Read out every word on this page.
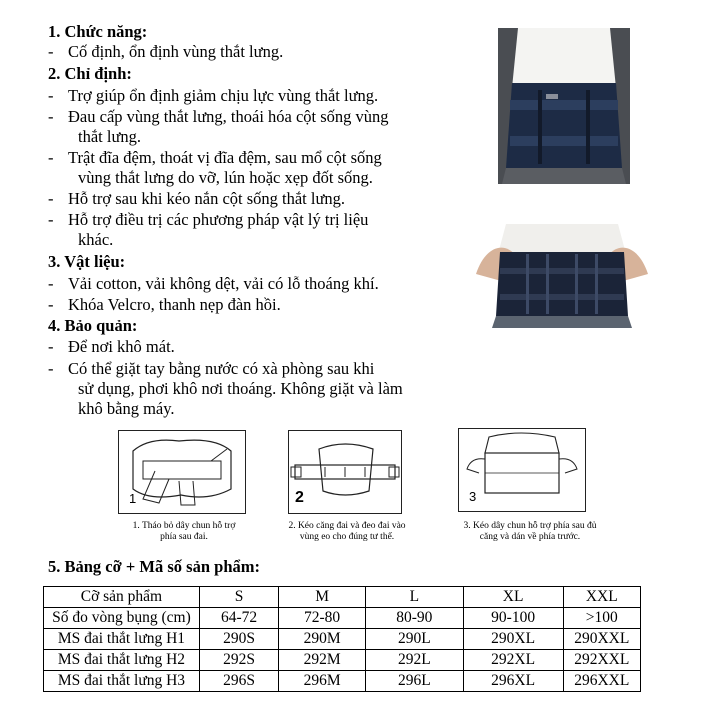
1. Chức năng:
- Cố định, ổn định vùng thắt lưng.
2. Chỉ định:
- Trợ giúp ổn định giảm chịu lực vùng thắt lưng.
- Đau cấp vùng thắt lưng, thoái hóa cột sống vùng
thắt lưng.
- Trật đĩa đệm, thoát vị đĩa đệm, sau mổ cột sống
vùng thắt lưng do vỡ, lún hoặc xẹp đốt sống.
- Hỗ trợ sau khi kéo nắn cột sống thắt lưng.
- Hỗ trợ điều trị các phương pháp vật lý trị liệu
khác.
3. Vật liệu:
- Vải cotton, vải không dệt, vải có lỗ thoáng khí.
- Khóa Velcro, thanh nẹp đàn hồi.
4. Bảo quản:
- Để nơi khô mát.
- Có thể giặt tay bằng nước có xà phòng sau khi
sử dụng, phơi khô nơi thoáng. Không giặt và làm
khô bằng máy.
1	2	3
1. Tháo bỏ dây chun hỗ trợ
phía sau đai.
2. Kéo căng đai và đeo đai vào
vùng eo cho đúng tư thế.
3. Kéo dây chun hỗ trợ phía sau đủ
căng và dán về phía trước.
5. Bảng cỡ + Mã số sản phẩm:
Cỡ sản phẩm	S	M	L	XL	XXL
Số đo vòng bụng (cm)	64-72	72-80	80-90	90-100	>100
MS đai thắt lưng H1	290S	290M	290L	290XL	290XXL
MS đai thắt lưng H2	292S	292M	292L	292XL	292XXL
MS đai thắt lưng H3	296S	296M	296L	296XL	296XXL
